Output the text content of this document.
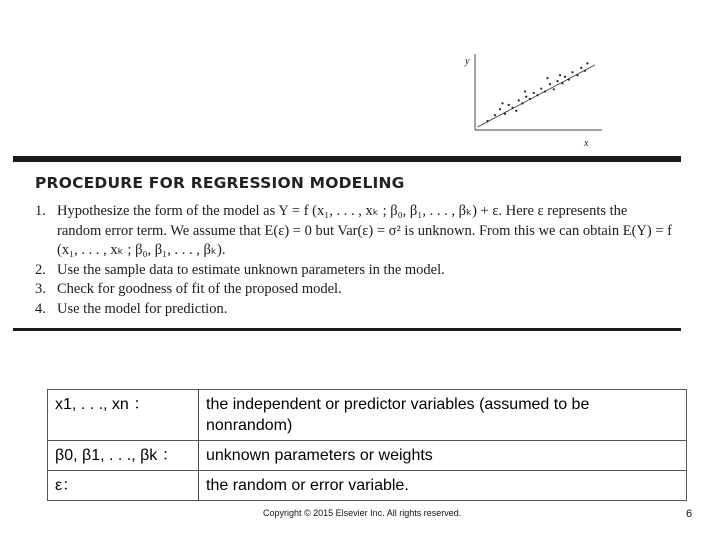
y
x
PROCEDURE FOR REGRESSION MODELING
1. Hypothesize the form of the model as Y = f (x₁, . . . , xₖ ; β₀, β₁, . . . , βₖ) + ε. Here ε represents the random error term. We assume that E(ε) = 0 but Var(ε) = σ² is unknown. From this we can obtain E(Y) = f (x₁, . . . , xₖ ; β₀, β₁, . . . , βₖ).
2. Use the sample data to estimate unknown parameters in the model.
3. Check for goodness of fit of the proposed model.
4. Use the model for prediction.
x1, . . ., xn ：	the independent or predictor variables (assumed to be nonrandom)
β0, β1, . . ., βk ：	unknown parameters or weights
ε：	the random or error variable.
Copyright © 2015 Elsevier Inc. All rights reserved.	6
